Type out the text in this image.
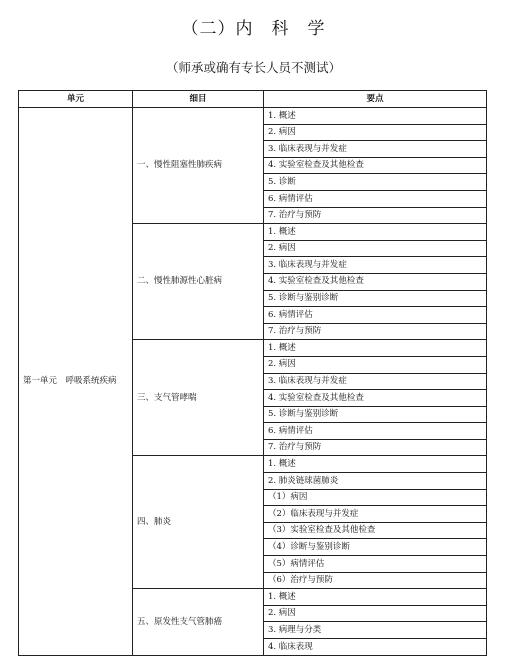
（二）内　科　学
（师承或确有专长人员不测试）
单元	细目	要点
第一单元　呼吸系统疾病	一、慢性阻塞性肺疾病	1. 概述
		2. 病因
		3. 临床表现与并发症
		4. 实验室检查及其他检查
		5. 诊断
		6. 病情评估
		7. 治疗与预防
	二、慢性肺源性心脏病	1. 概述
		2. 病因
		3. 临床表现与并发症
		4. 实验室检查及其他检查
		5. 诊断与鉴别诊断
		6. 病情评估
		7. 治疗与预防
	三、支气管哮喘	1. 概述
		2. 病因
		3. 临床表现与并发症
		4. 实验室检查及其他检查
		5. 诊断与鉴别诊断
		6. 病情评估
		7. 治疗与预防
	四、肺炎	1. 概述
		2. 肺炎链球菌肺炎
		（1）病因
		（2）临床表现与并发症
		（3）实验室检查及其他检查
		（4）诊断与鉴别诊断
		（5）病情评估
		（6）治疗与预防
	五、原发性支气管肺癌	1. 概述
		2. 病因
		3. 病理与分类
		4. 临床表现
